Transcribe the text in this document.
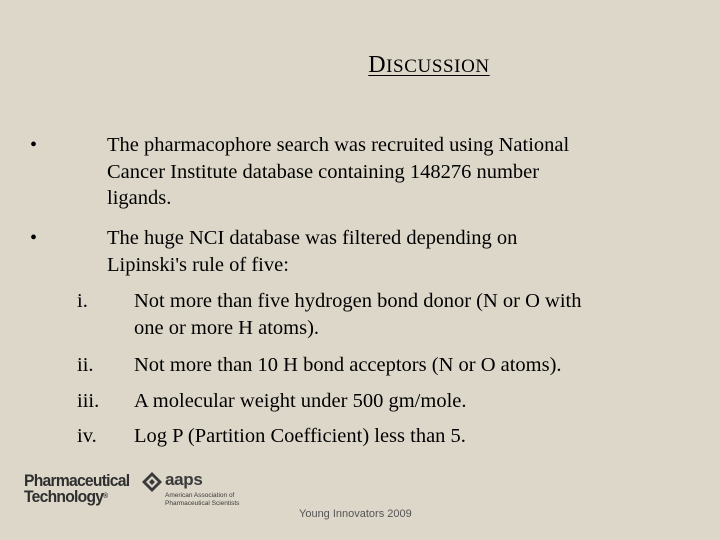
DISCUSSION
•	The pharmacophore search was recruited using National
Cancer Institute database containing 148276 number
ligands.
•	The huge NCI database was filtered depending on
Lipinski's rule of five:
i. Not more than five hydrogen bond donor (N or O with
one or more H atoms).
ii. Not more than 10 H bond acceptors (N or O atoms).
iii. A molecular weight under 500 gm/mole.
iv. Log P (Partition Coefficient) less than 5.
Pharmaceutical
Technology®
aaps
American Association of
Pharmaceutical Scientists
Young Innovators 2009
